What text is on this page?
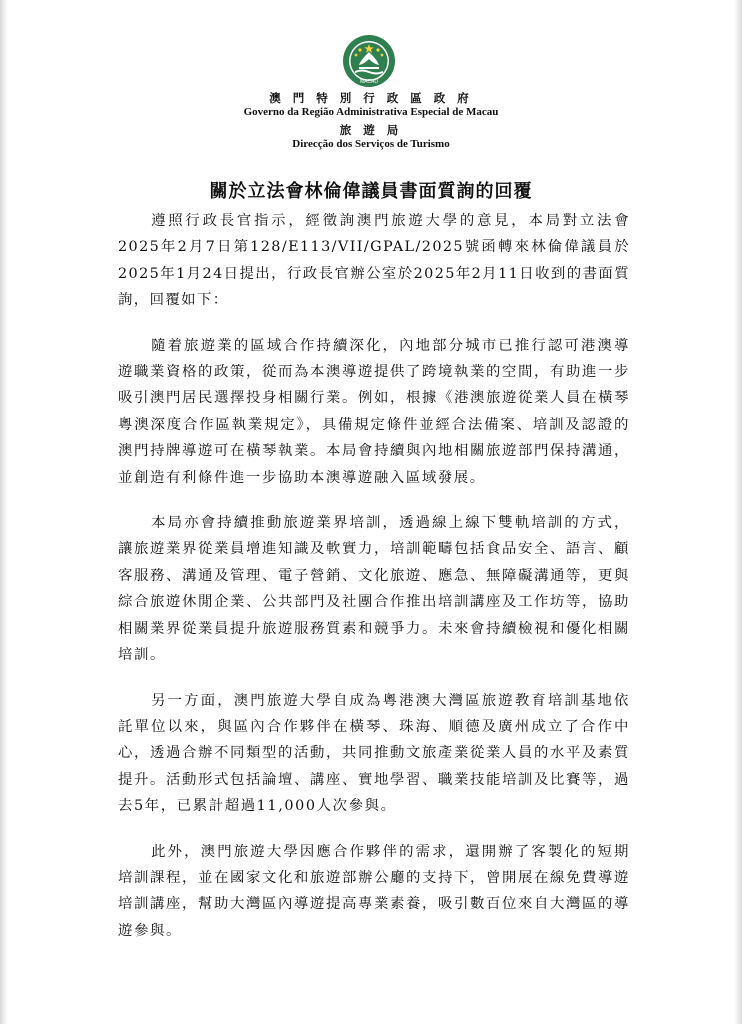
MACAU
澳 門 特 別 行 政 區 政 府
Governo da Região Administrativa Especial de Macau
旅 遊 局
Direcção dos Serviços de Turismo
關於立法會林倫偉議員書面質詢的回覆

遵照行政長官指示，經徵詢澳門旅遊大學的意見，本局對立法會2025年2月7日第128/E113/VII/GPAL/2025號函轉來林倫偉議員於2025年1月24日提出，行政長官辦公室於2025年2月11日收到的書面質詢，回覆如下：

隨着旅遊業的區域合作持續深化，內地部分城市已推行認可港澳導遊職業資格的政策，從而為本澳導遊提供了跨境執業的空間，有助進一步吸引澳門居民選擇投身相關行業。例如，根據《港澳旅遊從業人員在橫琴粵澳深度合作區執業規定》，具備規定條件並經合法備案、培訓及認證的澳門持牌導遊可在橫琴執業。本局會持續與內地相關旅遊部門保持溝通，並創造有利條件進一步協助本澳導遊融入區域發展。

本局亦會持續推動旅遊業界培訓，透過線上線下雙軌培訓的方式，讓旅遊業界從業員增進知識及軟實力，培訓範疇包括食品安全、語言、顧客服務、溝通及管理、電子營銷、文化旅遊、應急、無障礙溝通等，更與綜合旅遊休閒企業、公共部門及社團合作推出培訓講座及工作坊等，協助相關業界從業員提升旅遊服務質素和競爭力。未來會持續檢視和優化相關培訓。

另一方面，澳門旅遊大學自成為粵港澳大灣區旅遊教育培訓基地依託單位以來，與區內合作夥伴在橫琴、珠海、順德及廣州成立了合作中心，透過合辦不同類型的活動，共同推動文旅產業從業人員的水平及素質提升。活動形式包括論壇、講座、實地學習、職業技能培訓及比賽等，過去5年，已累計超過11,000人次參與。

此外，澳門旅遊大學因應合作夥伴的需求，還開辦了客製化的短期培訓課程，並在國家文化和旅遊部辦公廳的支持下，曾開展在線免費導遊培訓講座，幫助大灣區內導遊提高專業素養，吸引數百位來自大灣區的導遊參與。
